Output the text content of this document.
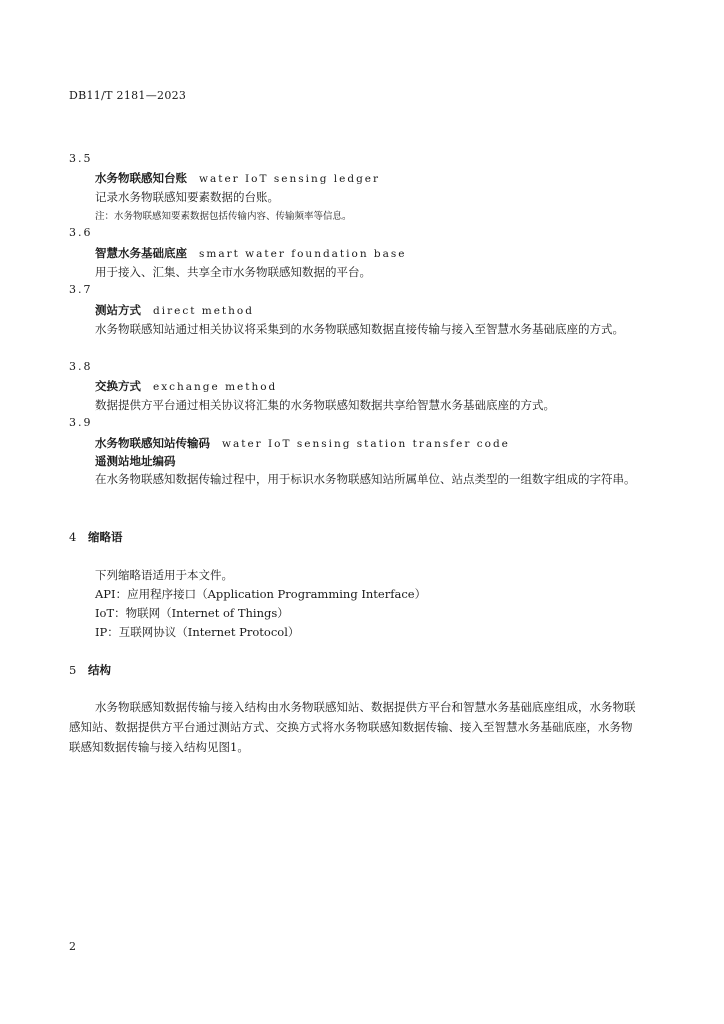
DB11/T 2181—2023
3.5
水务物联感知台账 water IoT sensing ledger
记录水务物联感知要素数据的台账。
注：水务物联感知要素数据包括传输内容、传输频率等信息。
3.6
智慧水务基础底座 smart water foundation base
用于接入、汇集、共享全市水务物联感知数据的平台。
3.7
测站方式 direct method
水务物联感知站通过相关协议将采集到的水务物联感知数据直接传输与接入至智慧水务基础底座的方式。
3.8
交换方式 exchange method
数据提供方平台通过相关协议将汇集的水务物联感知数据共享给智慧水务基础底座的方式。
3.9
水务物联感知站传输码 water IoT sensing station transfer code
遥测站地址编码
在水务物联感知数据传输过程中，用于标识水务物联感知站所属单位、站点类型的一组数字组成的字符串。
4 缩略语
下列缩略语适用于本文件。
API：应用程序接口（Application Programming Interface）
IoT：物联网（Internet of Things）
IP：互联网协议（Internet Protocol）
5 结构
水务物联感知数据传输与接入结构由水务物联感知站、数据提供方平台和智慧水务基础底座组成，水务物联感知站、数据提供方平台通过测站方式、交换方式将水务物联感知数据传输、接入至智慧水务基础底座，水务物联感知数据传输与接入结构见图1。
2
